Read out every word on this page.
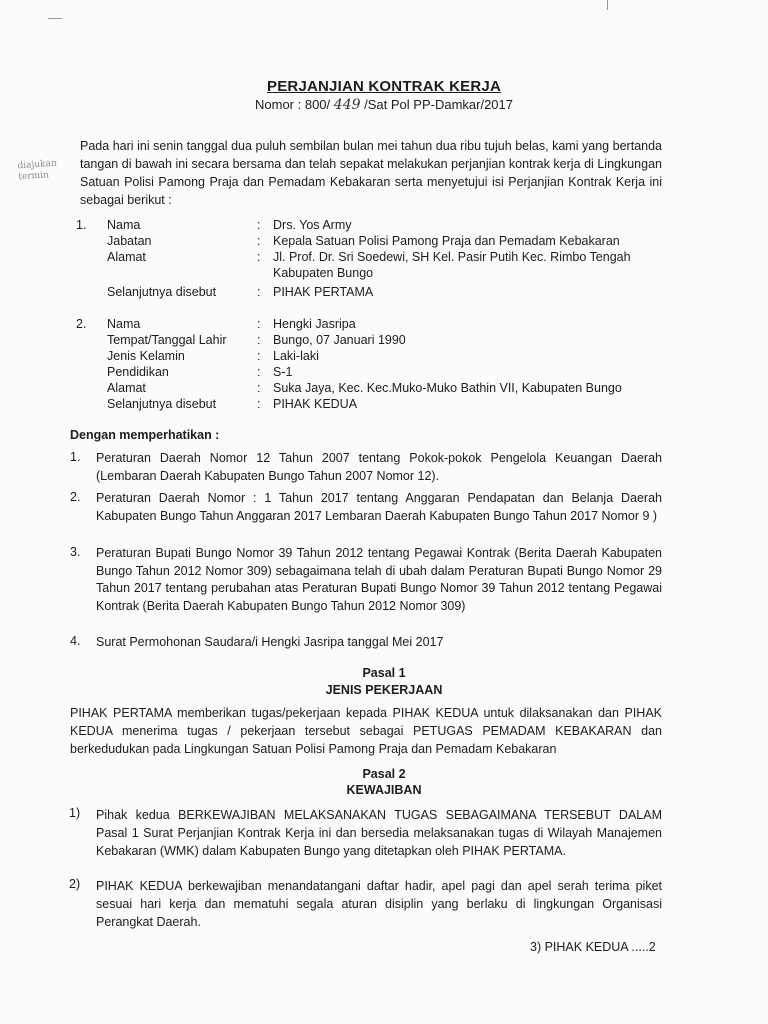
PERJANJIAN KONTRAK KERJA
Nomor : 800/ 449 /Sat Pol PP-Damkar/2017
diajukan
termin

Pada hari ini senin tanggal dua puluh sembilan bulan mei tahun dua ribu tujuh belas, kami yang bertanda tangan di bawah ini secara bersama dan telah sepakat melakukan perjanjian kontrak kerja di Lingkungan Satuan Polisi Pamong Praja dan Pemadam Kebakaran serta menyetujui isi Perjanjian Kontrak Kerja ini sebagai berikut :

1. Nama	: Drs. Yos Army
Jabatan	: Kepala Satuan Polisi Pamong Praja dan Pemadam Kebakaran
Alamat	: Jl. Prof. Dr. Sri Soedewi, SH Kel. Pasir Putih Kec. Rimbo Tengah
Kabupaten Bungo
Selanjutnya disebut	: PIHAK PERTAMA
2. Nama	: Hengki Jasripa
Tempat/Tanggal Lahir	: Bungo, 07 Januari 1990
Jenis Kelamin	: Laki-laki
Pendidikan	: S-1
Alamat	: Suka Jaya, Kec. Kec.Muko-Muko Bathin VII, Kabupaten Bungo
Selanjutnya disebut	: PIHAK KEDUA
Dengan memperhatikan :
1. Peraturan Daerah Nomor 12 Tahun 2007 tentang Pokok-pokok Pengelola Keuangan Daerah (Lembaran Daerah Kabupaten Bungo Tahun 2007 Nomor 12).
2. Peraturan Daerah Nomor : 1 Tahun 2017 tentang Anggaran Pendapatan dan Belanja Daerah Kabupaten Bungo Tahun Anggaran 2017 Lembaran Daerah Kabupaten Bungo Tahun 2017 Nomor 9 )
3. Peraturan Bupati Bungo Nomor 39 Tahun 2012 tentang Pegawai Kontrak (Berita Daerah Kabupaten Bungo Tahun 2012 Nomor 309) sebagaimana telah di ubah dalam Peraturan Bupati Bungo Nomor 29 Tahun 2017 tentang perubahan atas Peraturan Bupati Bungo Nomor 39 Tahun 2012 tentang Pegawai Kontrak (Berita Daerah Kabupaten Bungo Tahun 2012 Nomor 309)
4. Surat Permohonan Saudara/i Hengki Jasripa tanggal Mei 2017
Pasal 1
JENIS PEKERJAAN

PIHAK PERTAMA memberikan tugas/pekerjaan kepada PIHAK KEDUA untuk dilaksanakan dan PIHAK KEDUA menerima tugas / pekerjaan tersebut sebagai PETUGAS PEMADAM KEBAKARAN dan berkedudukan pada Lingkungan Satuan Polisi Pamong Praja dan Pemadam Kebakaran

Pasal 2
KEWAJIBAN
1) Pihak kedua BERKEWAJIBAN MELAKSANAKAN TUGAS SEBAGAIMANA TERSEBUT DALAM Pasal 1 Surat Perjanjian Kontrak Kerja ini dan bersedia melaksanakan tugas di Wilayah Manajemen Kebakaran (WMK) dalam Kabupaten Bungo yang ditetapkan oleh PIHAK PERTAMA.
2) PIHAK KEDUA berkewajiban menandatangani daftar hadir, apel pagi dan apel serah terima piket sesuai hari kerja dan mematuhi segala aturan disiplin yang berlaku di lingkungan Organisasi Perangkat Daerah.
3) PIHAK KEDUA .....2
